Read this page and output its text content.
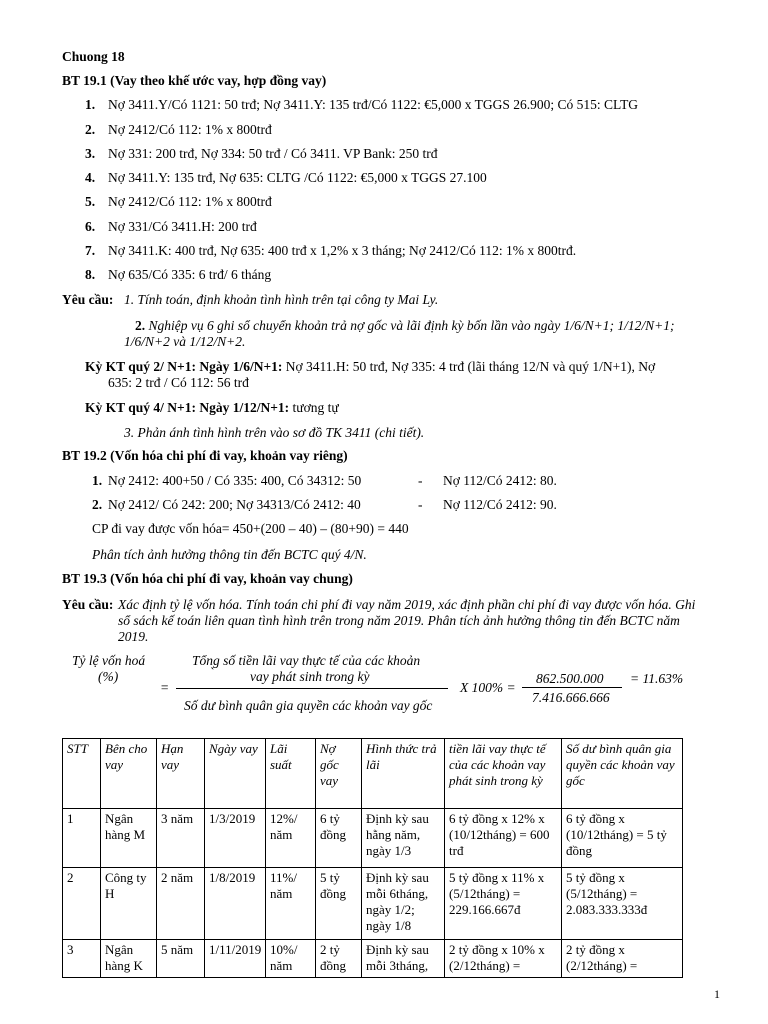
Chuong 18
BT 19.1 (Vay theo khế ước vay, hợp đồng vay)
1. Nợ 3411.Y/Có 1121: 50 trđ; Nợ 3411.Y: 135 trđ/Có 1122: €5,000 x TGGS 26.900; Có 515: CLTG
2. Nợ 2412/Có 112: 1% x 800trđ
3. Nợ 331: 200 trđ, Nợ 334: 50 trđ / Có 3411. VP Bank: 250 trđ
4. Nợ 3411.Y: 135 trđ, Nợ 635: CLTG /Có 1122: €5,000 x TGGS 27.100
5. Nợ 2412/Có 112: 1% x 800trđ
6. Nợ 331/Có 3411.H: 200 trđ
7. Nợ 3411.K: 400 trđ, Nợ 635: 400 trđ x 1,2% x 3 tháng; Nợ 2412/Có 112: 1% x 800trđ.
8. Nợ 635/Có 335: 6 trđ/ 6 tháng
Yêu cầu: 1. Tính toán, định khoản tình hình trên tại công ty Mai Ly.
2. Nghiệp vụ 6 ghi sổ chuyển khoản trả nợ gốc và lãi định kỳ bốn lần vào ngày 1/6/N+1; 1/12/N+1;
1/6/N+2 và 1/12/N+2.
Kỳ KT quý 2/ N+1: Ngày 1/6/N+1: Nợ 3411.H: 50 trđ, Nợ 335: 4 trđ (lãi tháng 12/N và quý 1/N+1), Nợ
635: 2 trđ / Có 112: 56 trđ
Kỳ KT quý 4/ N+1: Ngày 1/12/N+1: tương tự
3. Phản ánh tình hình trên vào sơ đồ TK 3411 (chi tiết).
BT 19.2 (Vốn hóa chi phí đi vay, khoản vay riêng)
1. Nợ 2412: 400+50 / Có 335: 400, Có 34312: 50	- Nợ 112/Có 2412: 80.
2. Nợ 2412/ Có 242: 200; Nợ 34313/Có 2412: 40	- Nợ 112/Có 2412: 90.
CP đi vay được vốn hóa= 450+(200 – 40) – (80+90) = 440
Phân tích ảnh hưởng thông tin đến BCTC quý 4/N.
BT 19.3 (Vốn hóa chi phí đi vay, khoản vay chung)
Yêu cầu: Xác định tỷ lệ vốn hóa. Tính toán chi phí đi vay năm 2019, xác định phần chi phí đi vay được vốn hóa. Ghi
sổ sách kế toán liên quan tình hình trên trong năm 2019. Phân tích ảnh hưởng thông tin đến BCTC năm
2019.
Tỷ lệ vốn hoá
(%)
=
Tổng số tiền lãi vay thực tế của các khoản
`	vay phát sinh trong kỳ
Số dư bình quân gia quyền các khoản vay gốc
X 100% =
862.500.000
7.416.666.666
= 11.63%
STT	Bên cho vay	Hạn vay	Ngày vay	Lãi suất	Nợ gốc vay	Hình thức trả lãi	tiền lãi vay thực tế của các khoản vay phát sinh trong kỳ	Số dư bình quân gia quyền các khoản vay gốc
1	Ngân hàng M	3 năm	1/3/2019	12%/ năm	6 tỷ đồng	Định kỳ sau hằng năm, ngày 1/3	6 tỷ đồng x 12% x (10/12tháng) = 600 trđ	6 tỷ đồng x (10/12tháng) = 5 tỷ đồng
2	Công ty H	2 năm	1/8/2019	11%/ năm	5 tỷ đồng	Định kỳ sau mỗi 6tháng, ngày 1/2; ngày 1/8	5 tỷ đồng x 11% x (5/12tháng) = 229.166.667đ	5 tỷ đồng x (5/12tháng) = 2.083.333.333đ
3	Ngân hàng K	5 năm	1/11/2019	10%/ năm	2 tỷ đồng	Định kỳ sau mỗi 3tháng,	2 tỷ đồng x 10% x (2/12tháng) =	2 tỷ đồng x (2/12tháng) =
1
